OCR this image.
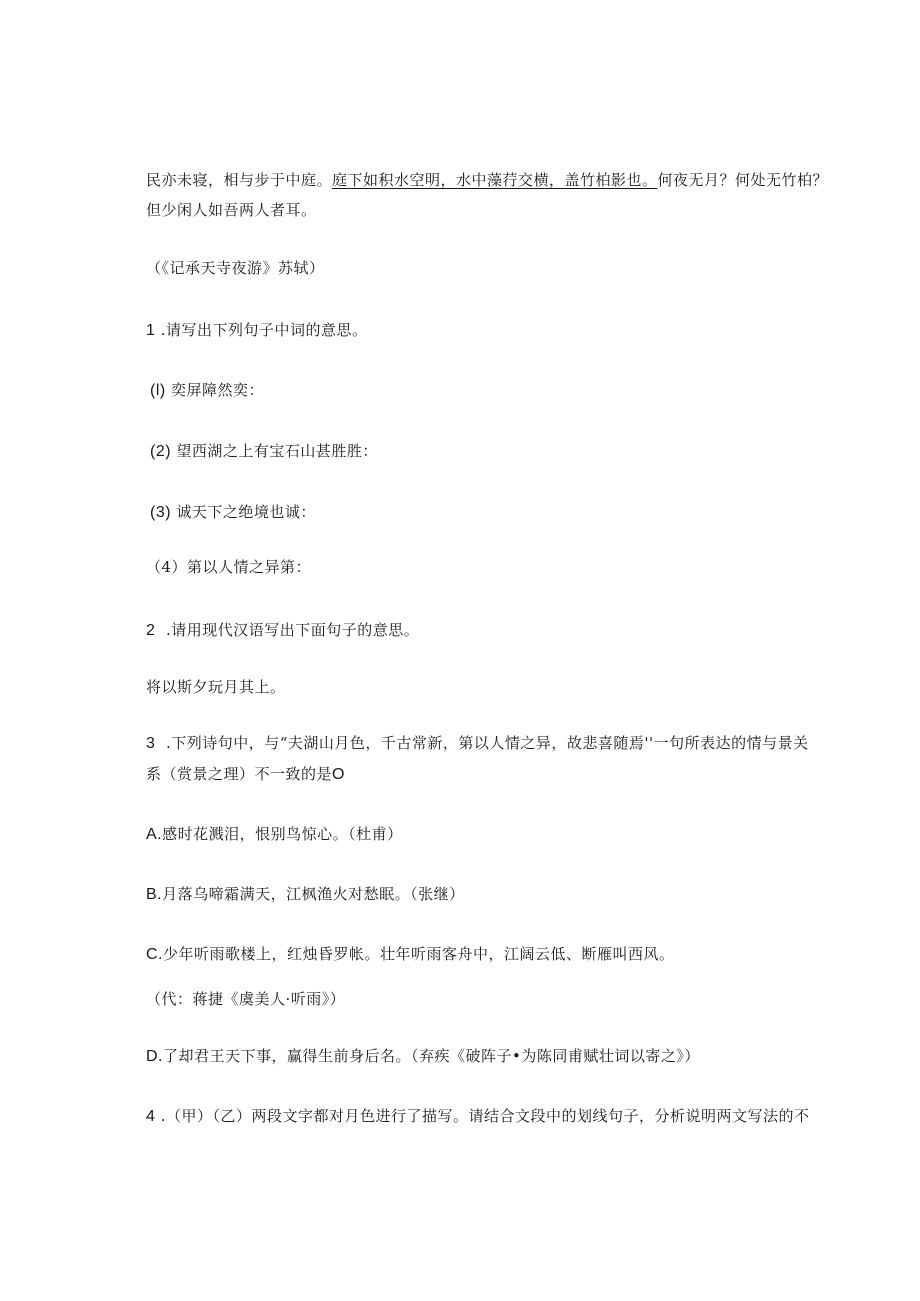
民亦未寝，相与步于中庭。庭下如积水空明，水中藻荇交横，盖竹柏影也。何夜无月？何处无竹柏？
但少闲人如吾两人者耳。
（《记承天寺夜游》苏轼）
1 .请写出下列句子中词的意思。
(l) 奕屏障然奕：
(2) 望西湖之上有宝石山甚胜胜：
(3) 诚天下之绝境也诚：
（4）第以人情之异第：
2 .请用现代汉语写出下面句子的意思。
将以斯夕玩月其上。
3 .下列诗句中，与“夫湖山月色，千古常新，第以人情之异，故悲喜随焉''一句所表达的情与景关
系（赏景之理）不一致的是O
A.感时花溅泪，恨别鸟惊心。（杜甫）
B.月落乌啼霜满天，江枫渔火对愁眠。（张继）
C.少年听雨歌楼上，红烛昏罗帐。壮年听雨客舟中，江阔云低、断雁叫西风。
（代：蒋捷《虞美人·听雨》）
D.了却君王天下事，赢得生前身后名。（弃疾《破阵子•为陈同甫赋壮词以寄之》）
4 .（甲）（乙）两段文字都对月色进行了描写。请结合文段中的划线句子，分析说明两文写法的不
